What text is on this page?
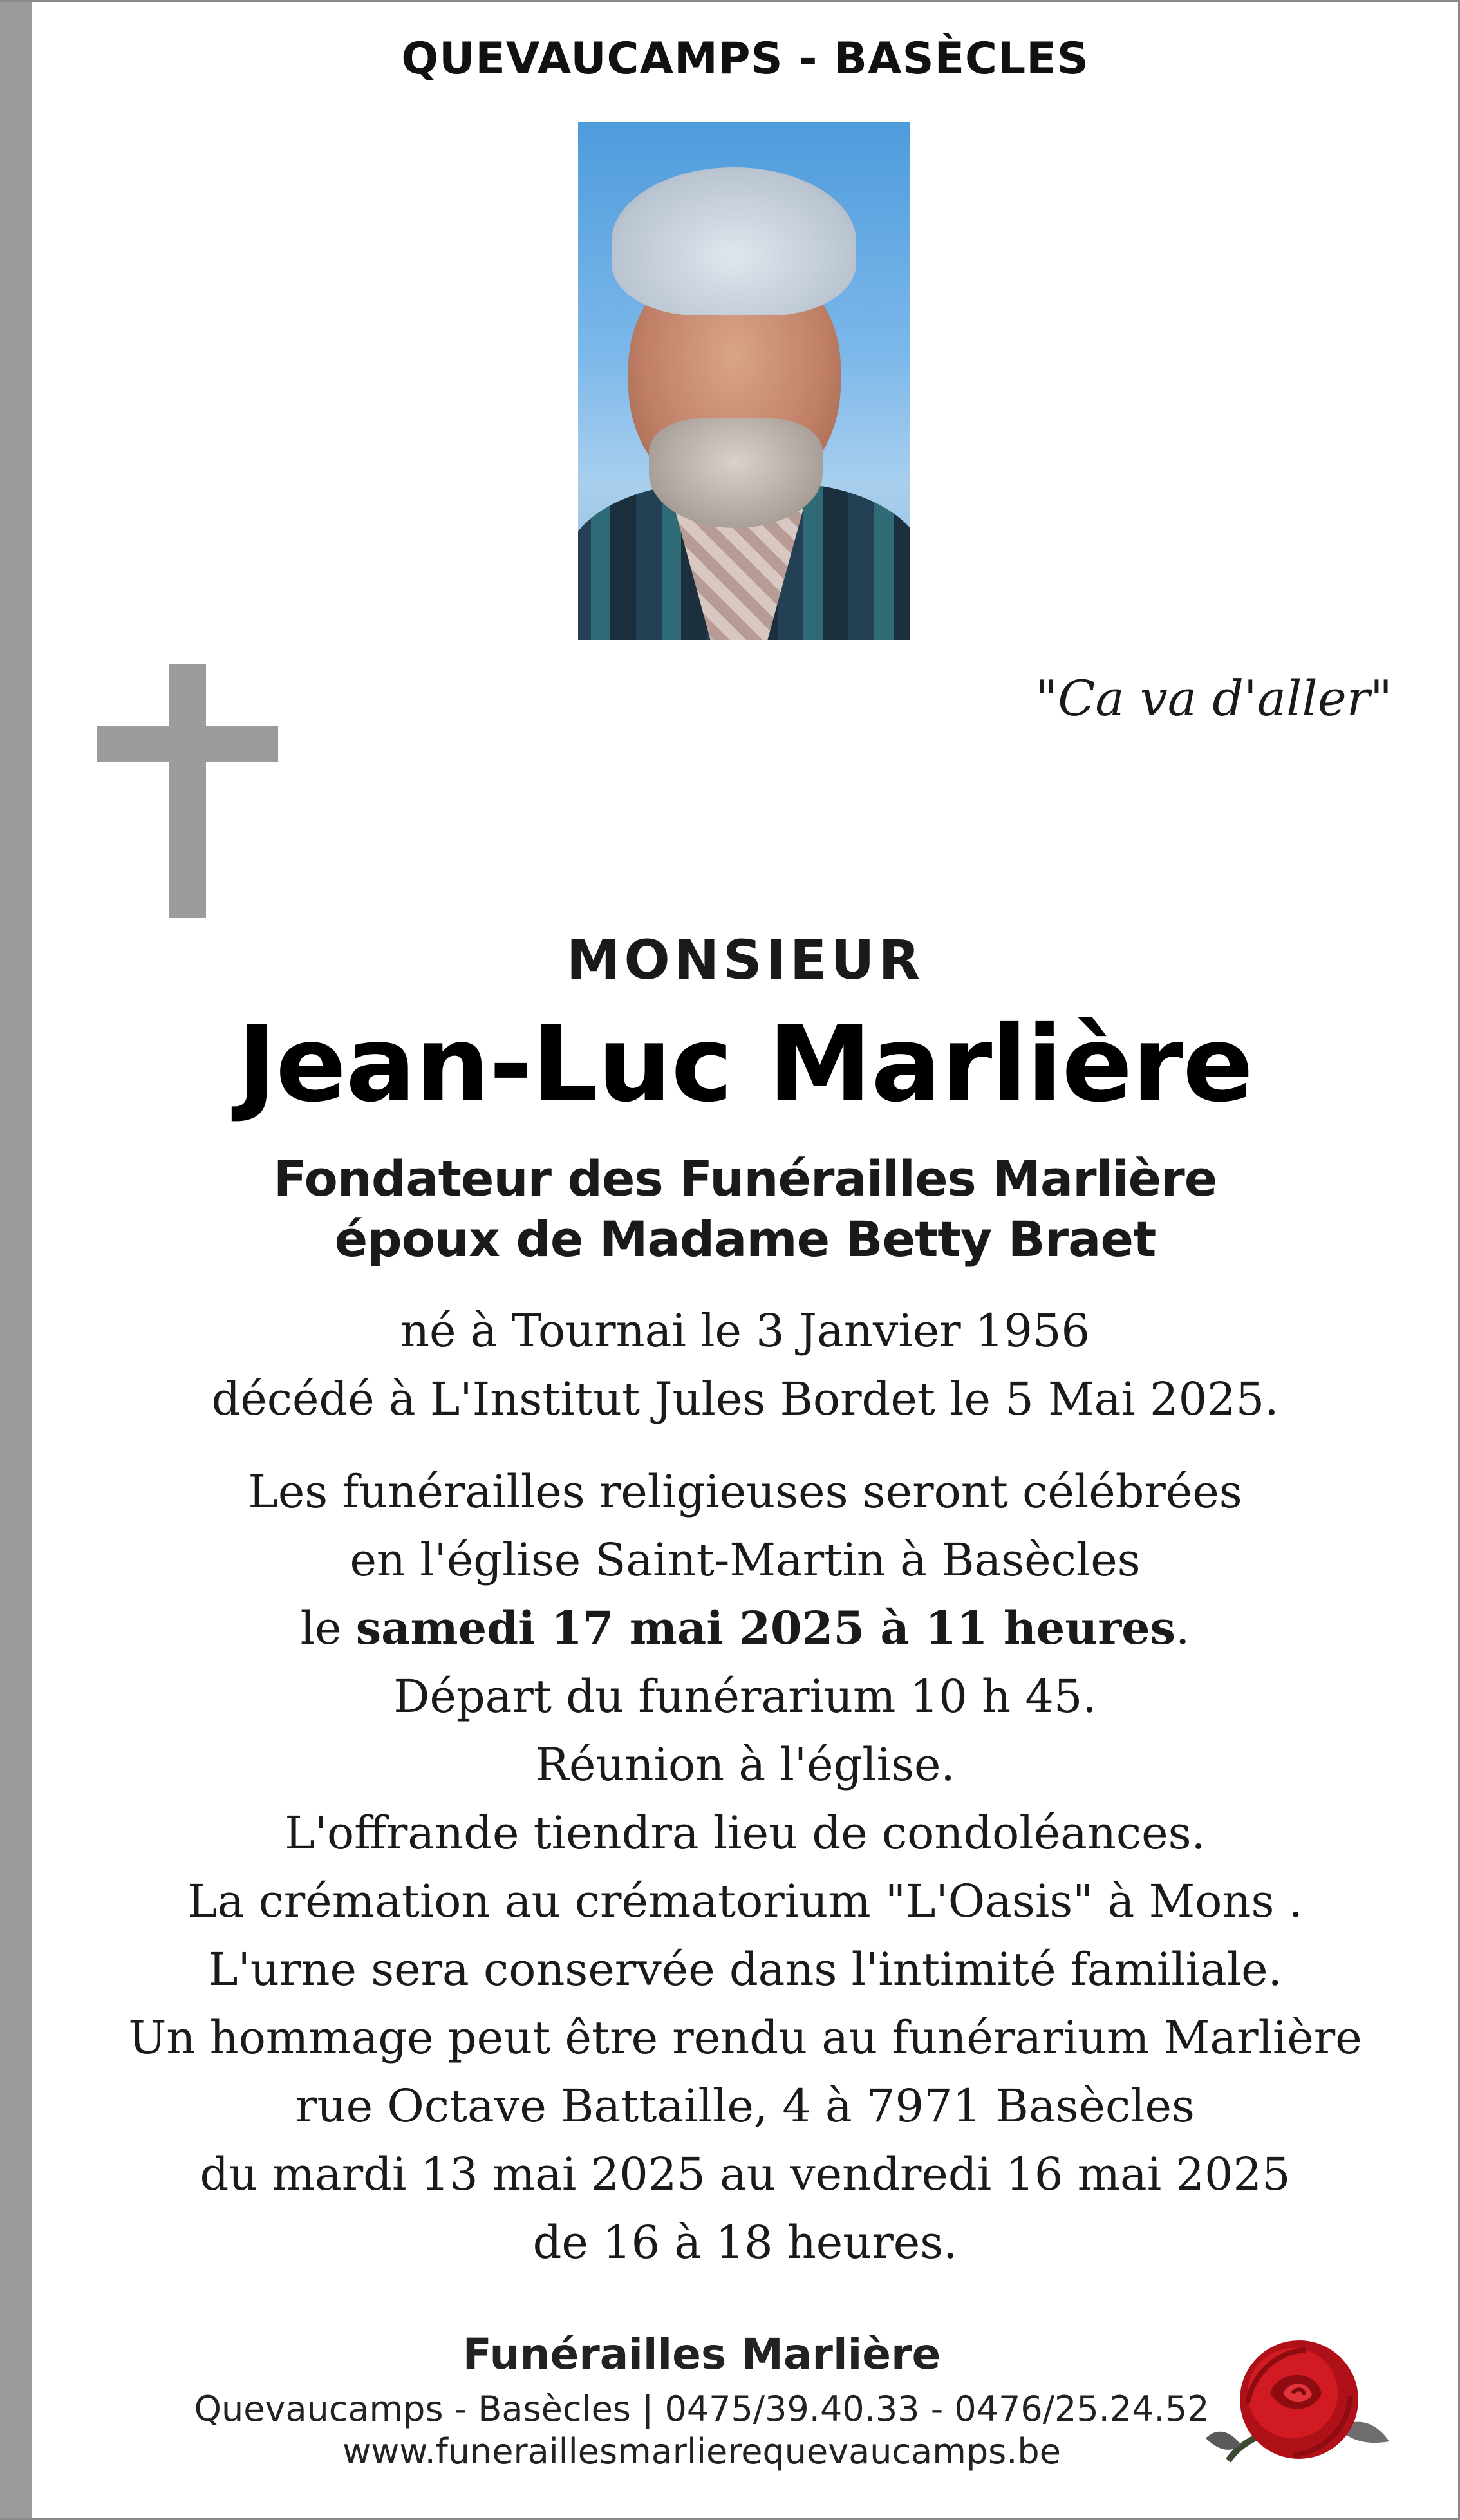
QUEVAUCAMPS - BASÈCLES
"Ca va d'aller"
MONSIEUR
Jean-Luc Marlière
Fondateur des Funérailles Marlière
époux de Madame Betty Braet
né à Tournai le 3 Janvier 1956
décédé à L'Institut Jules Bordet le 5 Mai 2025.
Les funérailles religieuses seront célébrées
en l'église Saint-Martin à Basècles
le samedi 17 mai 2025 à 11 heures.
Départ du funérarium 10 h 45.
Réunion à l'église.
L'offrande tiendra lieu de condoléances.
La crémation au crématorium "L'Oasis" à Mons .
L'urne sera conservée dans l'intimité familiale.
Un hommage peut être rendu au funérarium Marlière
rue Octave Battaille, 4 à 7971 Basècles
du mardi 13 mai 2025 au vendredi 16 mai 2025
de 16 à 18 heures.
Funérailles Marlière
Quevaucamps - Basècles | 0475/39.40.33 - 0476/25.24.52
www.funeraillesmarlierequevaucamps.be
